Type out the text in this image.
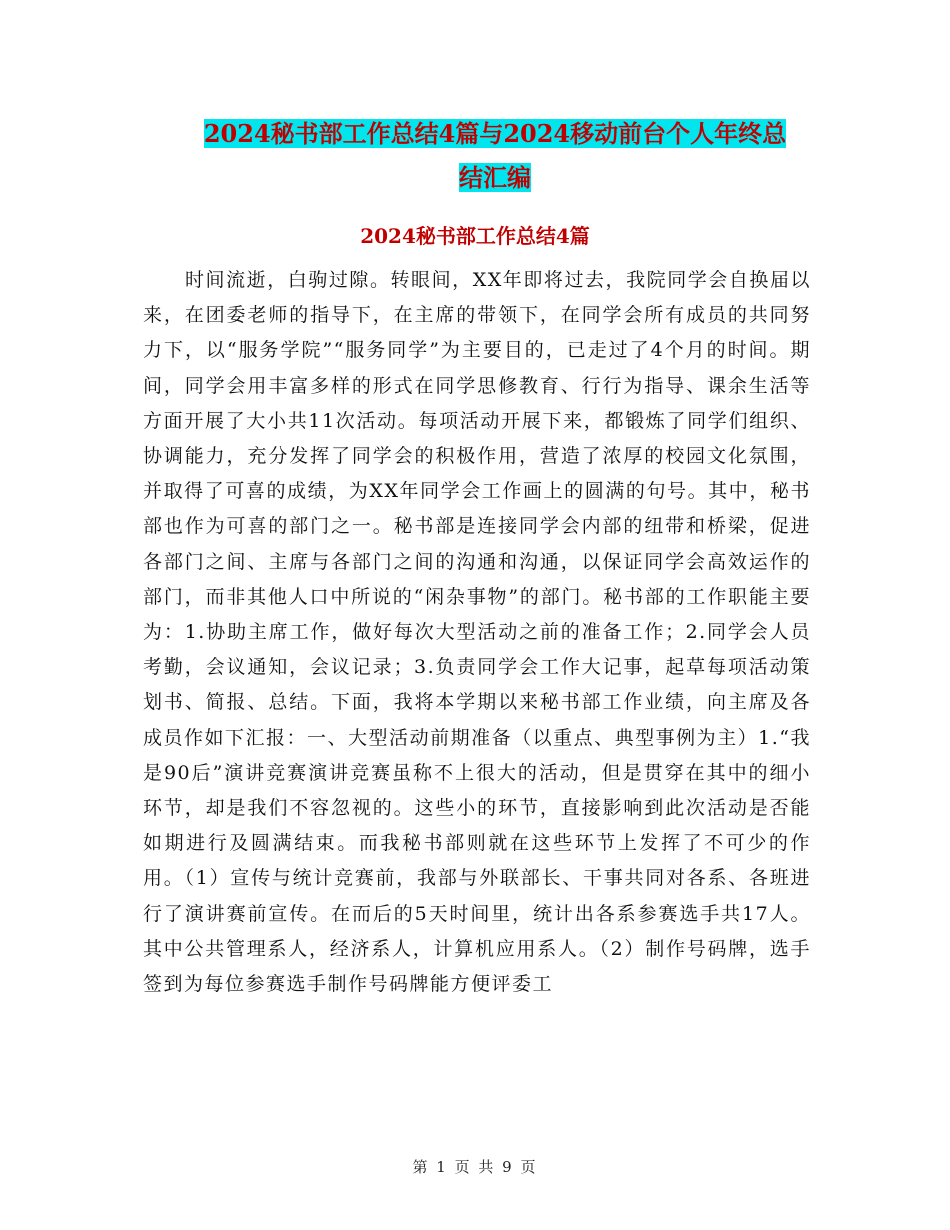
2024秘书部工作总结4篇与2024移动前台个人年终总
结汇编
2024秘书部工作总结4篇

时间流逝，白驹过隙。转眼间，XX年即将过去，我院同学会自换届以来，在团委老师的指导下，在主席的带领下，在同学会所有成员的共同努力下，以“服务学院”“服务同学”为主要目的，已走过了4个月的时间。期间，同学会用丰富多样的形式在同学思修教育、行行为指导、课余生活等方面开展了大小共11次活动。每项活动开展下来，都锻炼了同学们组织、协调能力，充分发挥了同学会的积极作用，营造了浓厚的校园文化氛围，并取得了可喜的成绩，为XX年同学会工作画上的圆满的句号。其中，秘书部也作为可喜的部门之一。秘书部是连接同学会内部的纽带和桥梁，促进各部门之间、主席与各部门之间的沟通和沟通，以保证同学会高效运作的部门，而非其他人口中所说的“闲杂事物”的部门。秘书部的工作职能主要为：1.协助主席工作，做好每次大型活动之前的准备工作；2.同学会人员考勤，会议通知，会议记录；3.负责同学会工作大记事，起草每项活动策划书、简报、总结。下面，我将本学期以来秘书部工作业绩，向主席及各成员作如下汇报：一、大型活动前期准备（以重点、典型事例为主）1.“我是90后”演讲竞赛演讲竞赛虽称不上很大的活动，但是贯穿在其中的细小环节，却是我们不容忽视的。这些小的环节，直接影响到此次活动是否能如期进行及圆满结束。而我秘书部则就在这些环节上发挥了不可少的作用。（1）宣传与统计竞赛前，我部与外联部长、干事共同对各系、各班进行了演讲赛前宣传。在而后的5天时间里，统计出各系参赛选手共17人。其中公共管理系人，经济系人，计算机应用系人。（2）制作号码牌，选手签到为每位参赛选手制作号码牌能方便评委工

第 1 页 共 9 页
